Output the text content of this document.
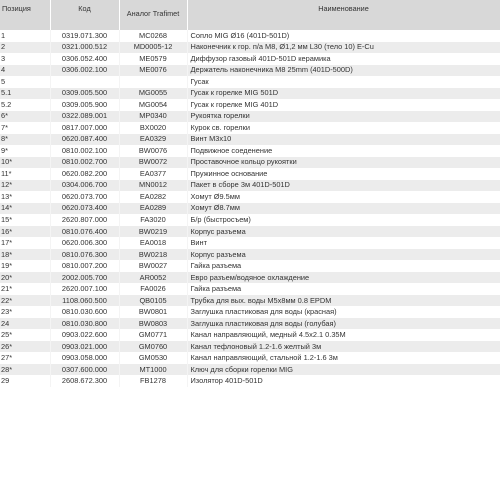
Позиция	Код	Аналог Trafimet	Наименование
1	0319.071.300	MC0268	Сопло MIG Ø16 (401D-501D)
2	0321.000.512	MD0005-12	Наконечник к гор. п/а M8, Ø1,2 мм L30 (тело 10) E-Cu
3	0306.052.400	ME0579	Диффузор газовый 401D-501D керамика
4	0306.002.100	ME0076	Держатель наконечника M8 25mm (401D-500D)
5			Гусак
5.1	0309.005.500	MG0055	Гусак к горелке MIG 501D
5.2	0309.005.900	MG0054	Гусак к горелке MIG 401D
6*	0322.089.001	MP0340	Рукоятка горелки
7*	0817.007.000	BX0020	Курок св. горелки
8*	0620.087.400	EA0329	Винт M3x10
9*	0810.002.100	BW0076	Подвижное соеденение
10*	0810.002.700	BW0072	Проставочное кольцо рукоятки
11*	0620.082.200	EA0377	Пружинное основание
12*	0304.006.700	MN0012	Пакет в сборе 3м 401D-501D
13*	0620.073.700	EA0282	Хомут Ø9.5мм
14*	0620.073.400	EA0289	Хомут Ø8.7мм
15*	2620.807.000	FA3020	Б/р (быстросъем)
16*	0810.076.400	BW0219	Корпус разъема
17*	0620.006.300	EA0018	Винт
18*	0810.076.300	BW0218	Корпус разъема
19*	0810.007.200	BW0027	Гайка разъема
20*	2002.005.700	AR0052	Евро разъем/водяное охлаждение
21*	2620.007.100	FA0026	Гайка разъема
22*	1108.060.500	QB0105	Трубка для вых. воды M5x8мм 0.8 EPDM
23*	0810.030.600	BW0801	Заглушка пластиковая для воды (красная)
24	0810.030.800	BW0803	Заглушка пластиковая для воды (голубая)
25*	0903.022.600	GM0771	Канал направляющий, медный 4.5x2.1 0.35M
26*	0903.021.000	GM0760	Канал тефлоновый 1.2-1.6 желтый 3м
27*	0903.058.000	GM0530	Канал направляющий, стальной 1.2-1.6 3м
28*	0307.600.000	MT1000	Ключ для сборки горелки MIG
29	2608.672.300	FB1278	Изолятор 401D-501D
